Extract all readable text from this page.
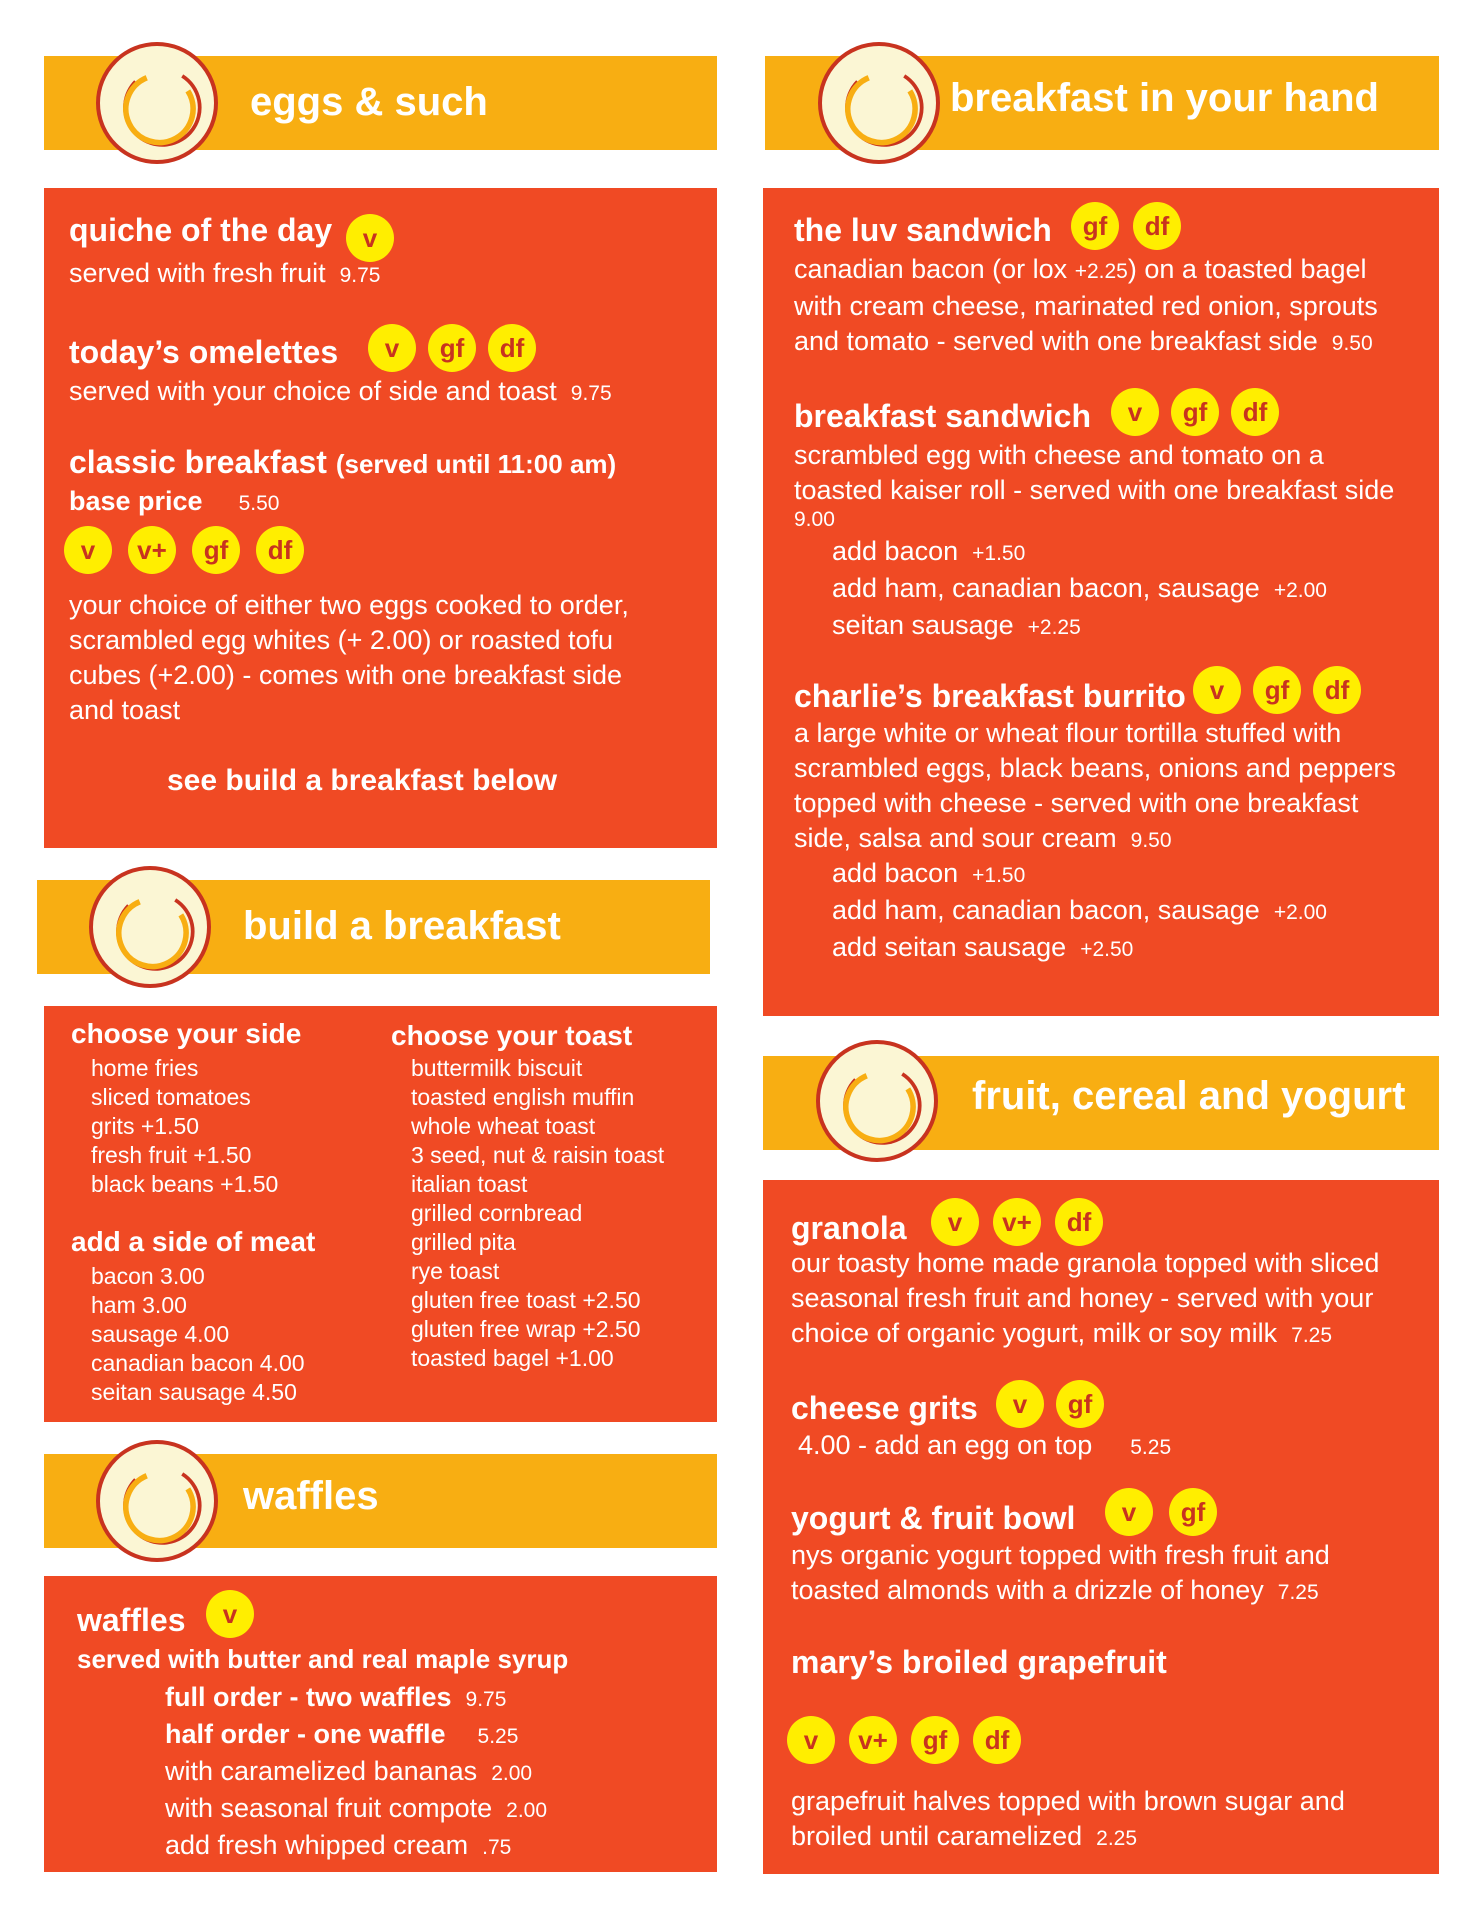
eggs & such
quiche of the day	v
served with fresh fruit 9.75
today’s omelettes	v	gf	df
served with your choice of side and toast 9.75
classic breakfast (served until 11:00 am)
base price 5.50
v	v+	gf	df
your choice of either two eggs cooked to order,
scrambled egg whites (+ 2.00) or roasted tofu
cubes (+2.00) - comes with one breakfast side
and toast
see build a breakfast below
build a breakfast
choose your side
home fries
sliced tomatoes
grits +1.50
fresh fruit +1.50
black beans +1.50
add a side of meat
bacon 3.00
ham 3.00
sausage 4.00
canadian bacon 4.00
seitan sausage 4.50
choose your toast
buttermilk biscuit
toasted english muffin
whole wheat toast
3 seed, nut & raisin toast
italian toast
grilled cornbread
grilled pita
rye toast
gluten free toast +2.50
gluten free wrap +2.50
toasted bagel +1.00
waffles
waffles	v
served with butter and real maple syrup
full order - two waffles 9.75
half order - one waffle 5.25
with caramelized bananas 2.00
with seasonal fruit compote 2.00
add fresh whipped cream .75
breakfast in your hand
the luv sandwich	gf	df
canadian bacon (or lox +2.25) on a toasted bagel
with cream cheese, marinated red onion, sprouts
and tomato - served with one breakfast side 9.50
breakfast sandwich	v	gf	df
scrambled egg with cheese and tomato on a
toasted kaiser roll - served with one breakfast side
9.00
add bacon +1.50
add ham, canadian bacon, sausage +2.00
seitan sausage +2.25
charlie’s breakfast burrito v	gf	df
a large white or wheat flour tortilla stuffed with
scrambled eggs, black beans, onions and peppers
topped with cheese - served with one breakfast
side, salsa and sour cream 9.50
add bacon +1.50
add ham, canadian bacon, sausage +2.00
add seitan sausage +2.50
fruit, cereal and yogurt
granola	v	v+	df
our toasty home made granola topped with sliced
seasonal fresh fruit and honey - served with your
choice of organic yogurt, milk or soy milk 7.25
cheese grits	v	gf
4.00 - add an egg on top 5.25
yogurt & fruit bowl	v	gf
nys organic yogurt topped with fresh fruit and
toasted almonds with a drizzle of honey 7.25
mary’s broiled grapefruit
v	v+	gf	df
grapefruit halves topped with brown sugar and
broiled until caramelized 2.25
